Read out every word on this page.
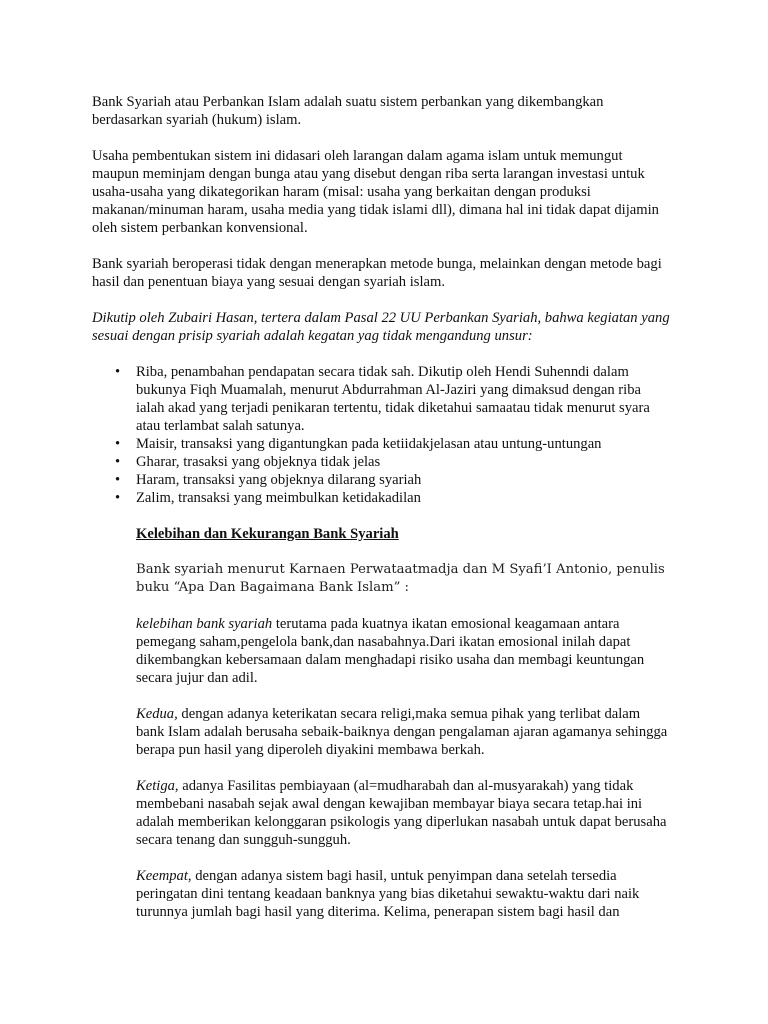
Bank Syariah atau Perbankan Islam adalah suatu sistem perbankan yang dikembangkan berdasarkan syariah (hukum) islam.

Usaha pembentukan sistem ini didasari oleh larangan dalam agama islam untuk memungut maupun meminjam dengan bunga atau yang disebut dengan riba serta larangan investasi untuk usaha-usaha yang dikategorikan haram (misal: usaha yang berkaitan dengan produksi makanan/minuman haram, usaha media yang tidak islami dll), dimana hal ini tidak dapat dijamin oleh sistem perbankan konvensional.

Bank syariah beroperasi tidak dengan menerapkan metode bunga, melainkan dengan metode bagi hasil dan penentuan biaya yang sesuai dengan syariah islam.

Dikutip oleh Zubairi Hasan, tertera dalam Pasal 22 UU Perbankan Syariah, bahwa kegiatan yang sesuai dengan prisip syariah adalah kegatan yag tidak mengandung unsur:

• Riba, penambahan pendapatan secara tidak sah. Dikutip oleh Hendi Suhenndi dalam bukunya Fiqh Muamalah, menurut Abdurrahman Al-Jaziri yang dimaksud dengan riba ialah akad yang terjadi penikaran tertentu, tidak diketahui samaatau tidak menurut syara atau terlambat salah satunya.
• Maisir, transaksi yang digantungkan pada ketiidakjelasan atau untung-untungan
• Gharar, trasaksi yang objeknya tidak jelas
• Haram, transaksi yang objeknya dilarang syariah
• Zalim, transaksi yang meimbulkan ketidakadilan

Kelebihan dan Kekurangan Bank Syariah

Bank syariah menurut Karnaen Perwataatmadja dan M Syafi’I Antonio, penulis buku “Apa Dan Bagaimana Bank Islam” :

kelebihan bank syariah terutama pada kuatnya ikatan emosional keagamaan antara pemegang saham,pengelola bank,dan nasabahnya.Dari ikatan emosional inilah dapat dikembangkan kebersamaan dalam menghadapi risiko usaha dan membagi keuntungan secara jujur dan adil.

Kedua, dengan adanya keterikatan secara religi,maka semua pihak yang terlibat dalam bank Islam adalah berusaha sebaik-baiknya dengan pengalaman ajaran agamanya sehingga berapa pun hasil yang diperoleh diyakini membawa berkah.

Ketiga, adanya Fasilitas pembiayaan (al=mudharabah dan al-musyarakah) yang tidak membebani nasabah sejak awal dengan kewajiban membayar biaya secara tetap.hai ini adalah memberikan kelonggaran psikologis yang diperlukan nasabah untuk dapat berusaha secara tenang dan sungguh-sungguh.

Keempat, dengan adanya sistem bagi hasil, untuk penyimpan dana setelah tersedia peringatan dini tentang keadaan banknya yang bias diketahui sewaktu-waktu dari naik turunnya jumlah bagi hasil yang diterima. Kelima, penerapan sistem bagi hasil dan
